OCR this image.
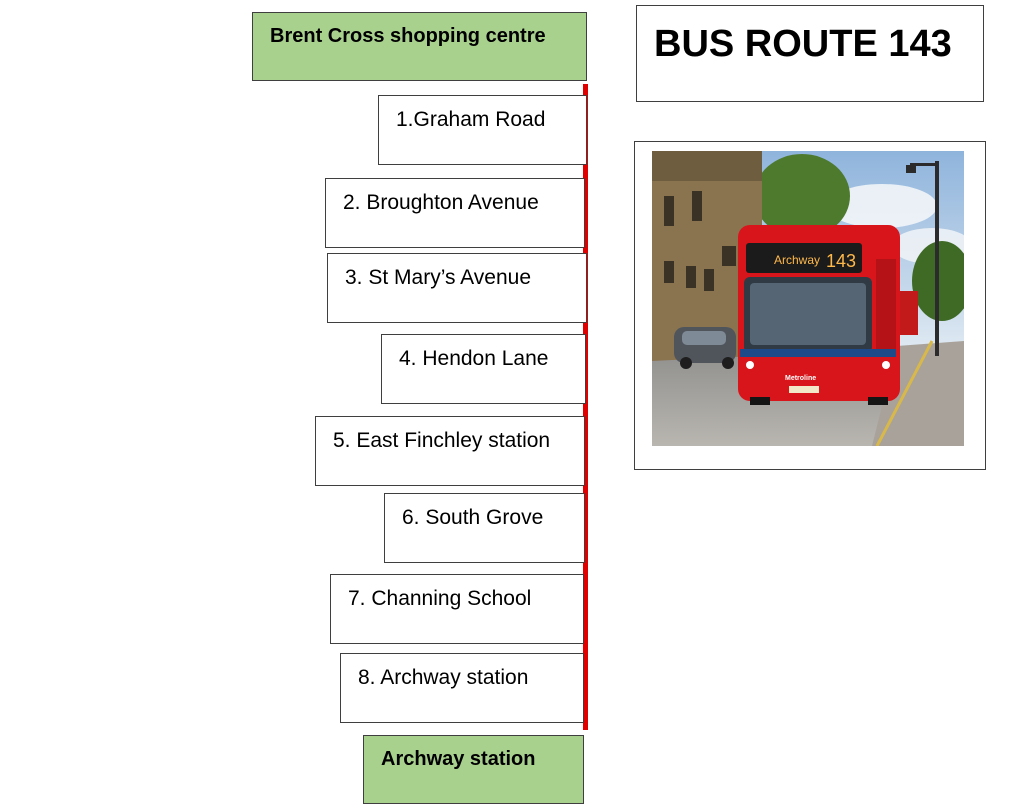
Brent Cross shopping centre
1.Graham Road
2. Broughton Avenue
3. St Mary’s Avenue
4. Hendon Lane
5. East Finchley station
6. South Grove
7. Channing School
8. Archway station
Archway station
BUS ROUTE 143
Archway 143
Metroline
